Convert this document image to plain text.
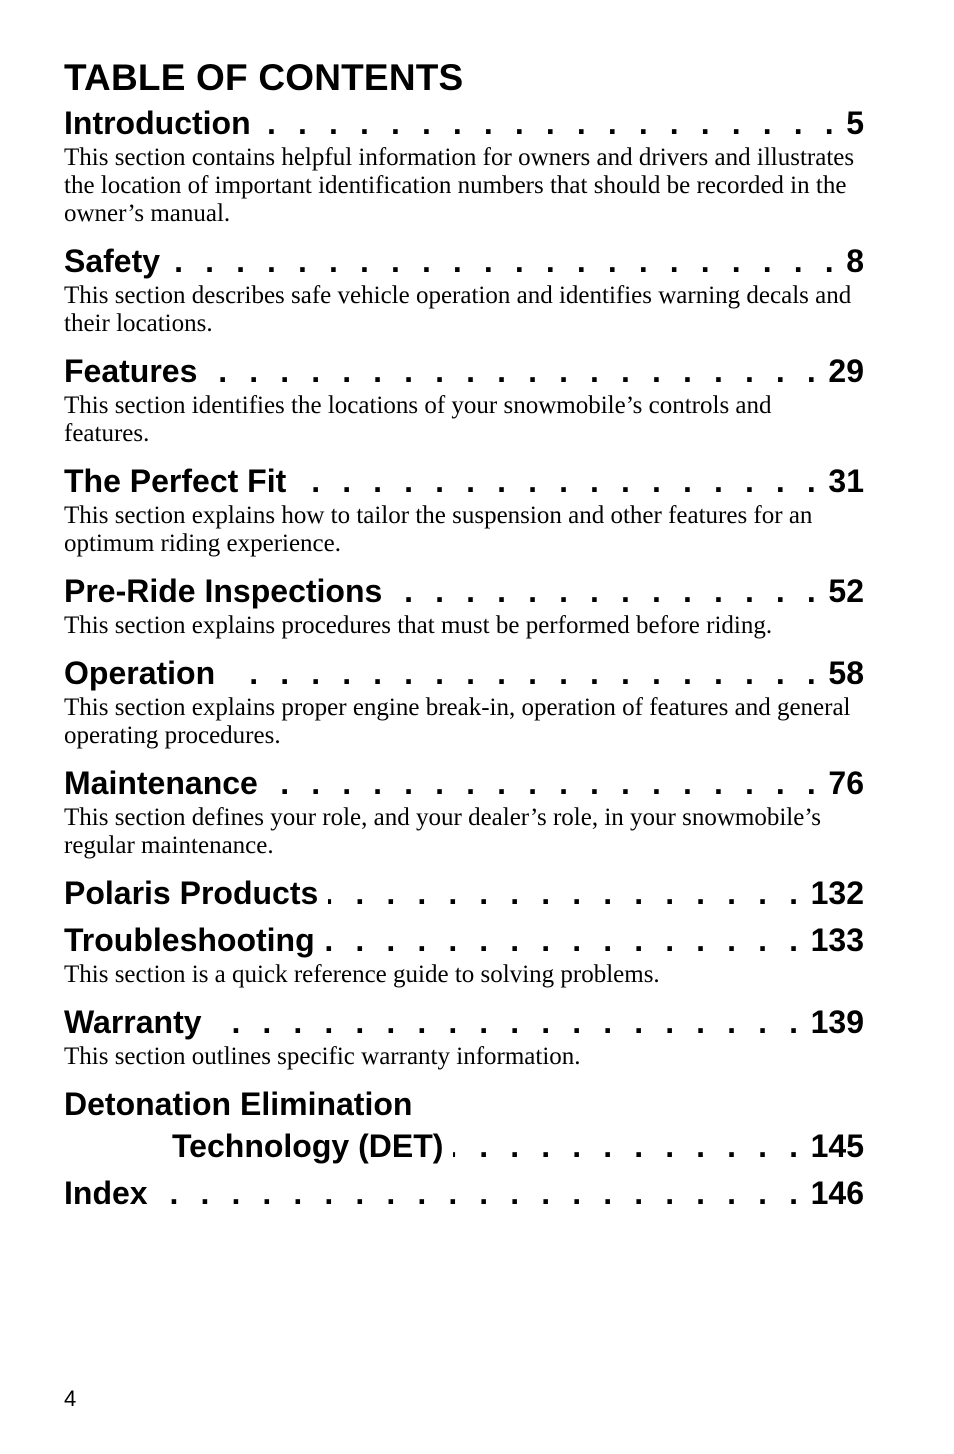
TABLE OF CONTENTS
Introduction . . .	5

This section contains helpful information for owners and drivers and illustrates the location of important identification numbers that should be recorded in the owner’s manual.

Safety . . .	8

This section describes safe vehicle operation and identifies warning decals and their locations.

Features . . .	29

This section identifies the locations of your snowmobile’s controls and features.

The Perfect Fit . . .	31

This section explains how to tailor the suspension and other features for an optimum riding experience.

Pre-Ride Inspections . . .	52

This section explains procedures that must be performed before riding.

Operation . . .	58

This section explains proper engine break-in, operation of features and general operating procedures.

Maintenance . . .	76

This section defines your role, and your dealer’s role, in your snowmobile’s regular maintenance.

Polaris Products . . .	132
Troubleshooting . . .	133

This section is a quick reference guide to solving problems.

Warranty . . .	139

This section outlines specific warranty information.

Detonation Elimination
Technology (DET) . . .	145
Index . . .	146
4
